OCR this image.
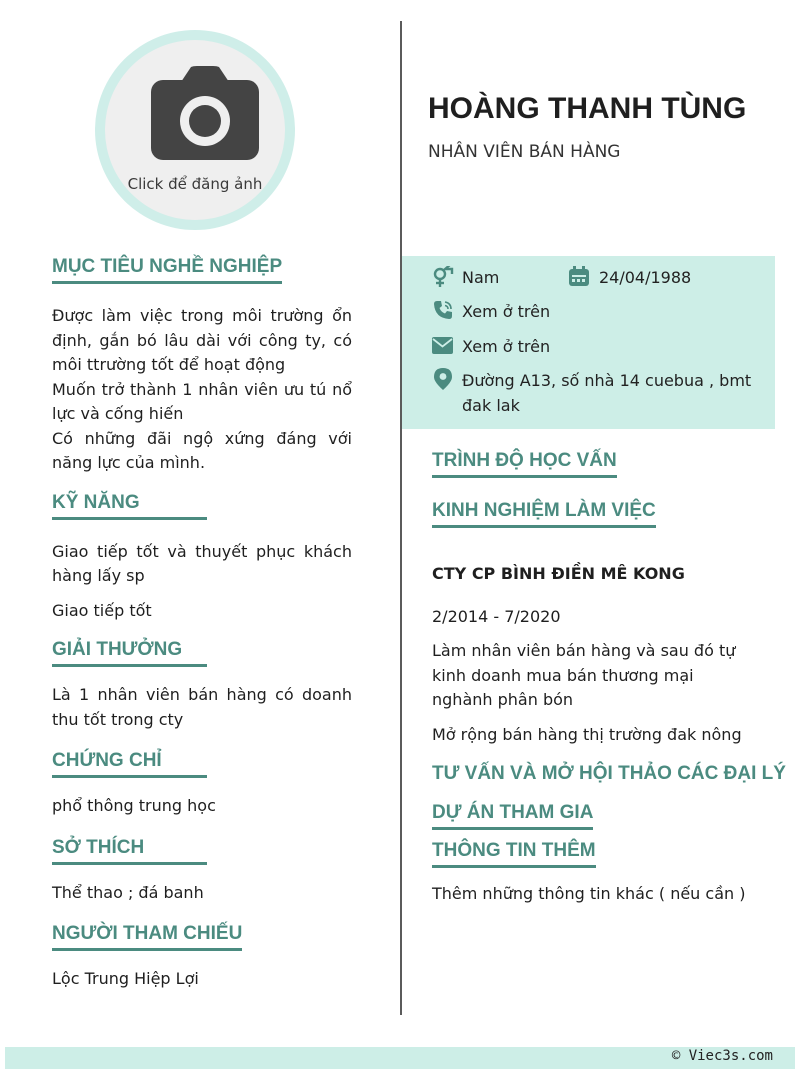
Click để đăng ảnh
HOÀNG THANH TÙNG
NHÂN VIÊN BÁN HÀNG
Nam	24/04/1988
Xem ở trên
Xem ở trên
Đường A13, số nhà 14 cuebua , bmt đak lak
MỤC TIÊU NGHỀ NGHIỆP

Được làm việc trong môi trường ổn định, gắn bó lâu dài với công ty, có môi ttrường tốt để hoạt động

Muốn trở thành 1 nhân viên ưu tú nổ lực và cống hiến

Có những đãi ngộ xứng đáng với năng lực của mình.

KỸ NĂNG

Giao tiếp tốt và thuyết phục khách hàng lấy sp

Giao tiếp tốt

GIẢI THƯỞNG

Là 1 nhân viên bán hàng có doanh thu tốt trong cty

CHỨNG CHỈ

phổ thông trung học

SỞ THÍCH

Thể thao ; đá banh

NGƯỜI THAM CHIẾU

Lộc Trung Hiệp Lợi

TRÌNH ĐỘ HỌC VẤN
KINH NGHIỆM LÀM VIỆC
CTY CP BÌNH ĐIỀN MÊ KONG
2/2014 - 7/2020

Làm nhân viên bán hàng và sau đó tự kinh doanh mua bán thương mại nghành phân bón

Mở rộng bán hàng thị trường đak nông

TƯ VẤN VÀ MỞ HỘI THẢO CÁC ĐẠI LÝ
DỰ ÁN THAM GIA
THÔNG TIN THÊM
Thêm những thông tin khác ( nếu cần )
© Viec3s.com
